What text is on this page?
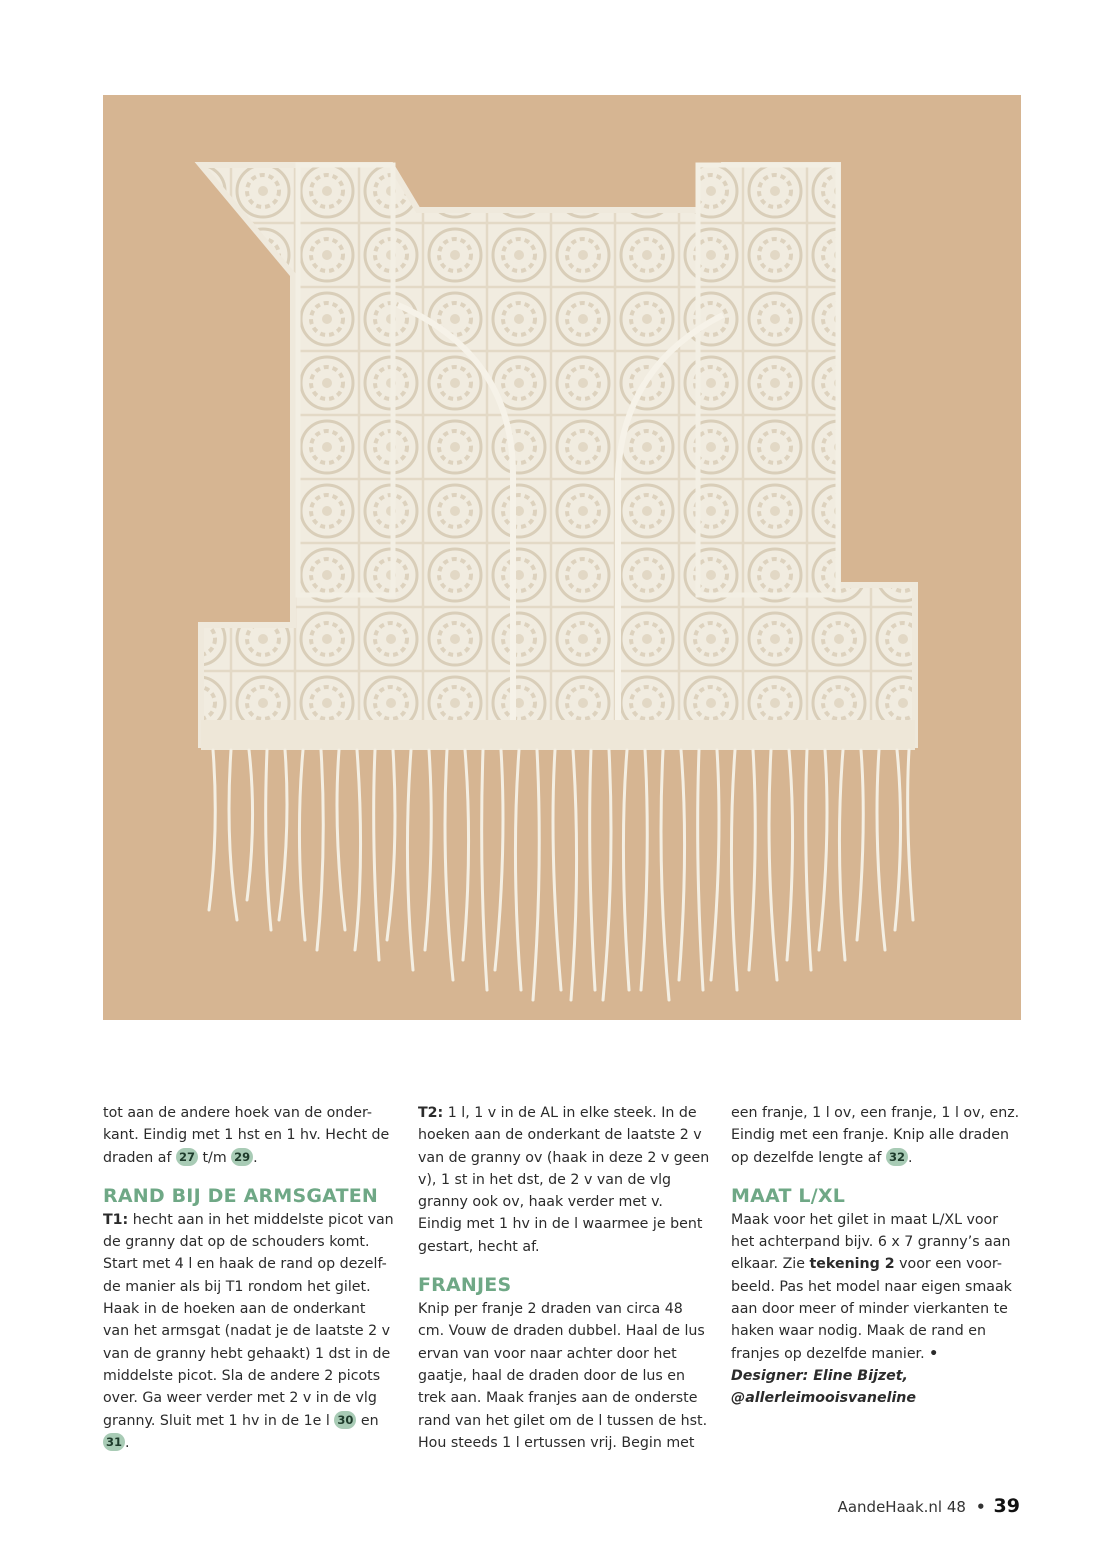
tot aan de andere hoek van de onder-kant. Eindig met 1 hst en 1 hv. Hecht de draden af 27 t/m 29 .

RAND BIJ DE ARMSGATEN

T1: hecht aan in het middelste picot van de granny dat op de schouders komt. Start met 4 l en haak de rand op dezelf-de manier als bij T1 rondom het gilet. Haak in de hoeken aan de onderkant van het armsgat (nadat je de laatste 2 v van de granny hebt gehaakt) 1 dst in de middelste picot. Sla de andere 2 picots over. Ga weer verder met 2 v in de vlg granny. Sluit met 1 hv in de 1e l 30 en 31 .

T2: 1 l, 1 v in de AL in elke steek. In de hoeken aan de onderkant de laatste 2 v van de granny ov (haak in deze 2 v geen v), 1 st in het dst, de 2 v van de vlg granny ook ov, haak verder met v. Eindig met 1 hv in de l waarmee je bent gestart, hecht af.

FRANJES

Knip per franje 2 draden van circa 48 cm. Vouw de draden dubbel. Haal de lus ervan van voor naar achter door het gaatje, haal de draden door de lus en trek aan. Maak franjes aan de onderste rand van het gilet om de l tussen de hst. Hou steeds 1 l ertussen vrij. Begin met

een franje, 1 l ov, een franje, 1 l ov, enz. Eindig met een franje. Knip alle draden op dezelfde lengte af 32 .

MAAT L/XL

Maak voor het gilet in maat L/XL voor het achterpand bijv. 6 x 7 granny’s aan elkaar. Zie tekening 2 voor een voor-beeld. Pas het model naar eigen smaak aan door meer of minder vierkanten te haken waar nodig. Maak de rand en franjes op dezelfde manier. •

Designer: Eline Bijzet,

@allerleimooisvaneline

AandeHaak.nl 48 • 39
